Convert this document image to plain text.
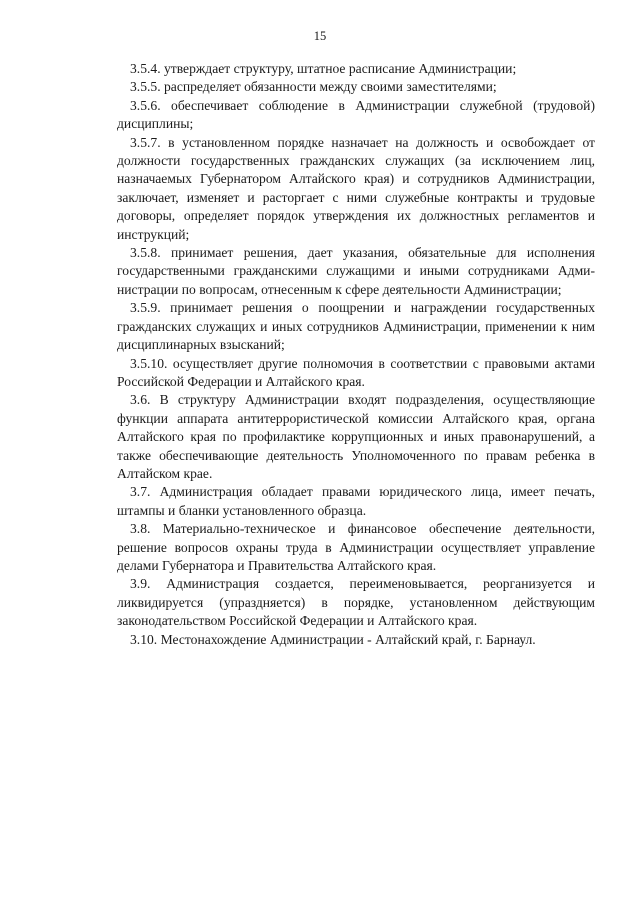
15

3.5.4. утверждает структуру, штатное расписание Администрации;

3.5.5. распределяет обязанности между своими заместителями;

3.5.6. обеспечивает соблюдение в Администрации служебной (трудовой) дисциплины;

3.5.7. в установленном порядке назначает на должность и освобождает от должности государственных гражданских служащих (за исключением лиц, назначаемых Губернатором Алтайского края) и сотрудников Администрации, заключает, изменяет и расторгает с ними служебные контракты и трудовые договоры, определяет порядок утверждения их должностных регламентов и инструкций;

3.5.8. принимает решения, дает указания, обязательные для исполнения государственными гражданскими служащими и иными сотрудниками Администрации по вопросам, отнесенным к сфере деятельности Администрации;

3.5.9. принимает решения о поощрении и награждении государственных гражданских служащих и иных сотрудников Администрации, применении к ним дисциплинарных взысканий;

3.5.10. осуществляет другие полномочия в соответствии с правовыми актами Российской Федерации и Алтайского края.

3.6. В структуру Администрации входят подразделения, осуществляющие функции аппарата антитеррористической комиссии Алтайского края, органа Алтайского края по профилактике коррупционных и иных правонарушений, а также обеспечивающие деятельность Уполномоченного по правам ребенка в Алтайском крае.

3.7. Администрация обладает правами юридического лица, имеет печать, штампы и бланки установленного образца.

3.8. Материально-техническое и финансовое обеспечение деятельности, решение вопросов охраны труда в Администрации осуществляет управление делами Губернатора и Правительства Алтайского края.

3.9. Администрация создается, переименовывается, реорганизуется и ликвидируется (упраздняется) в порядке, установленном действующим законодательством Российской Федерации и Алтайского края.

3.10. Местонахождение Администрации - Алтайский край, г. Барнаул.
